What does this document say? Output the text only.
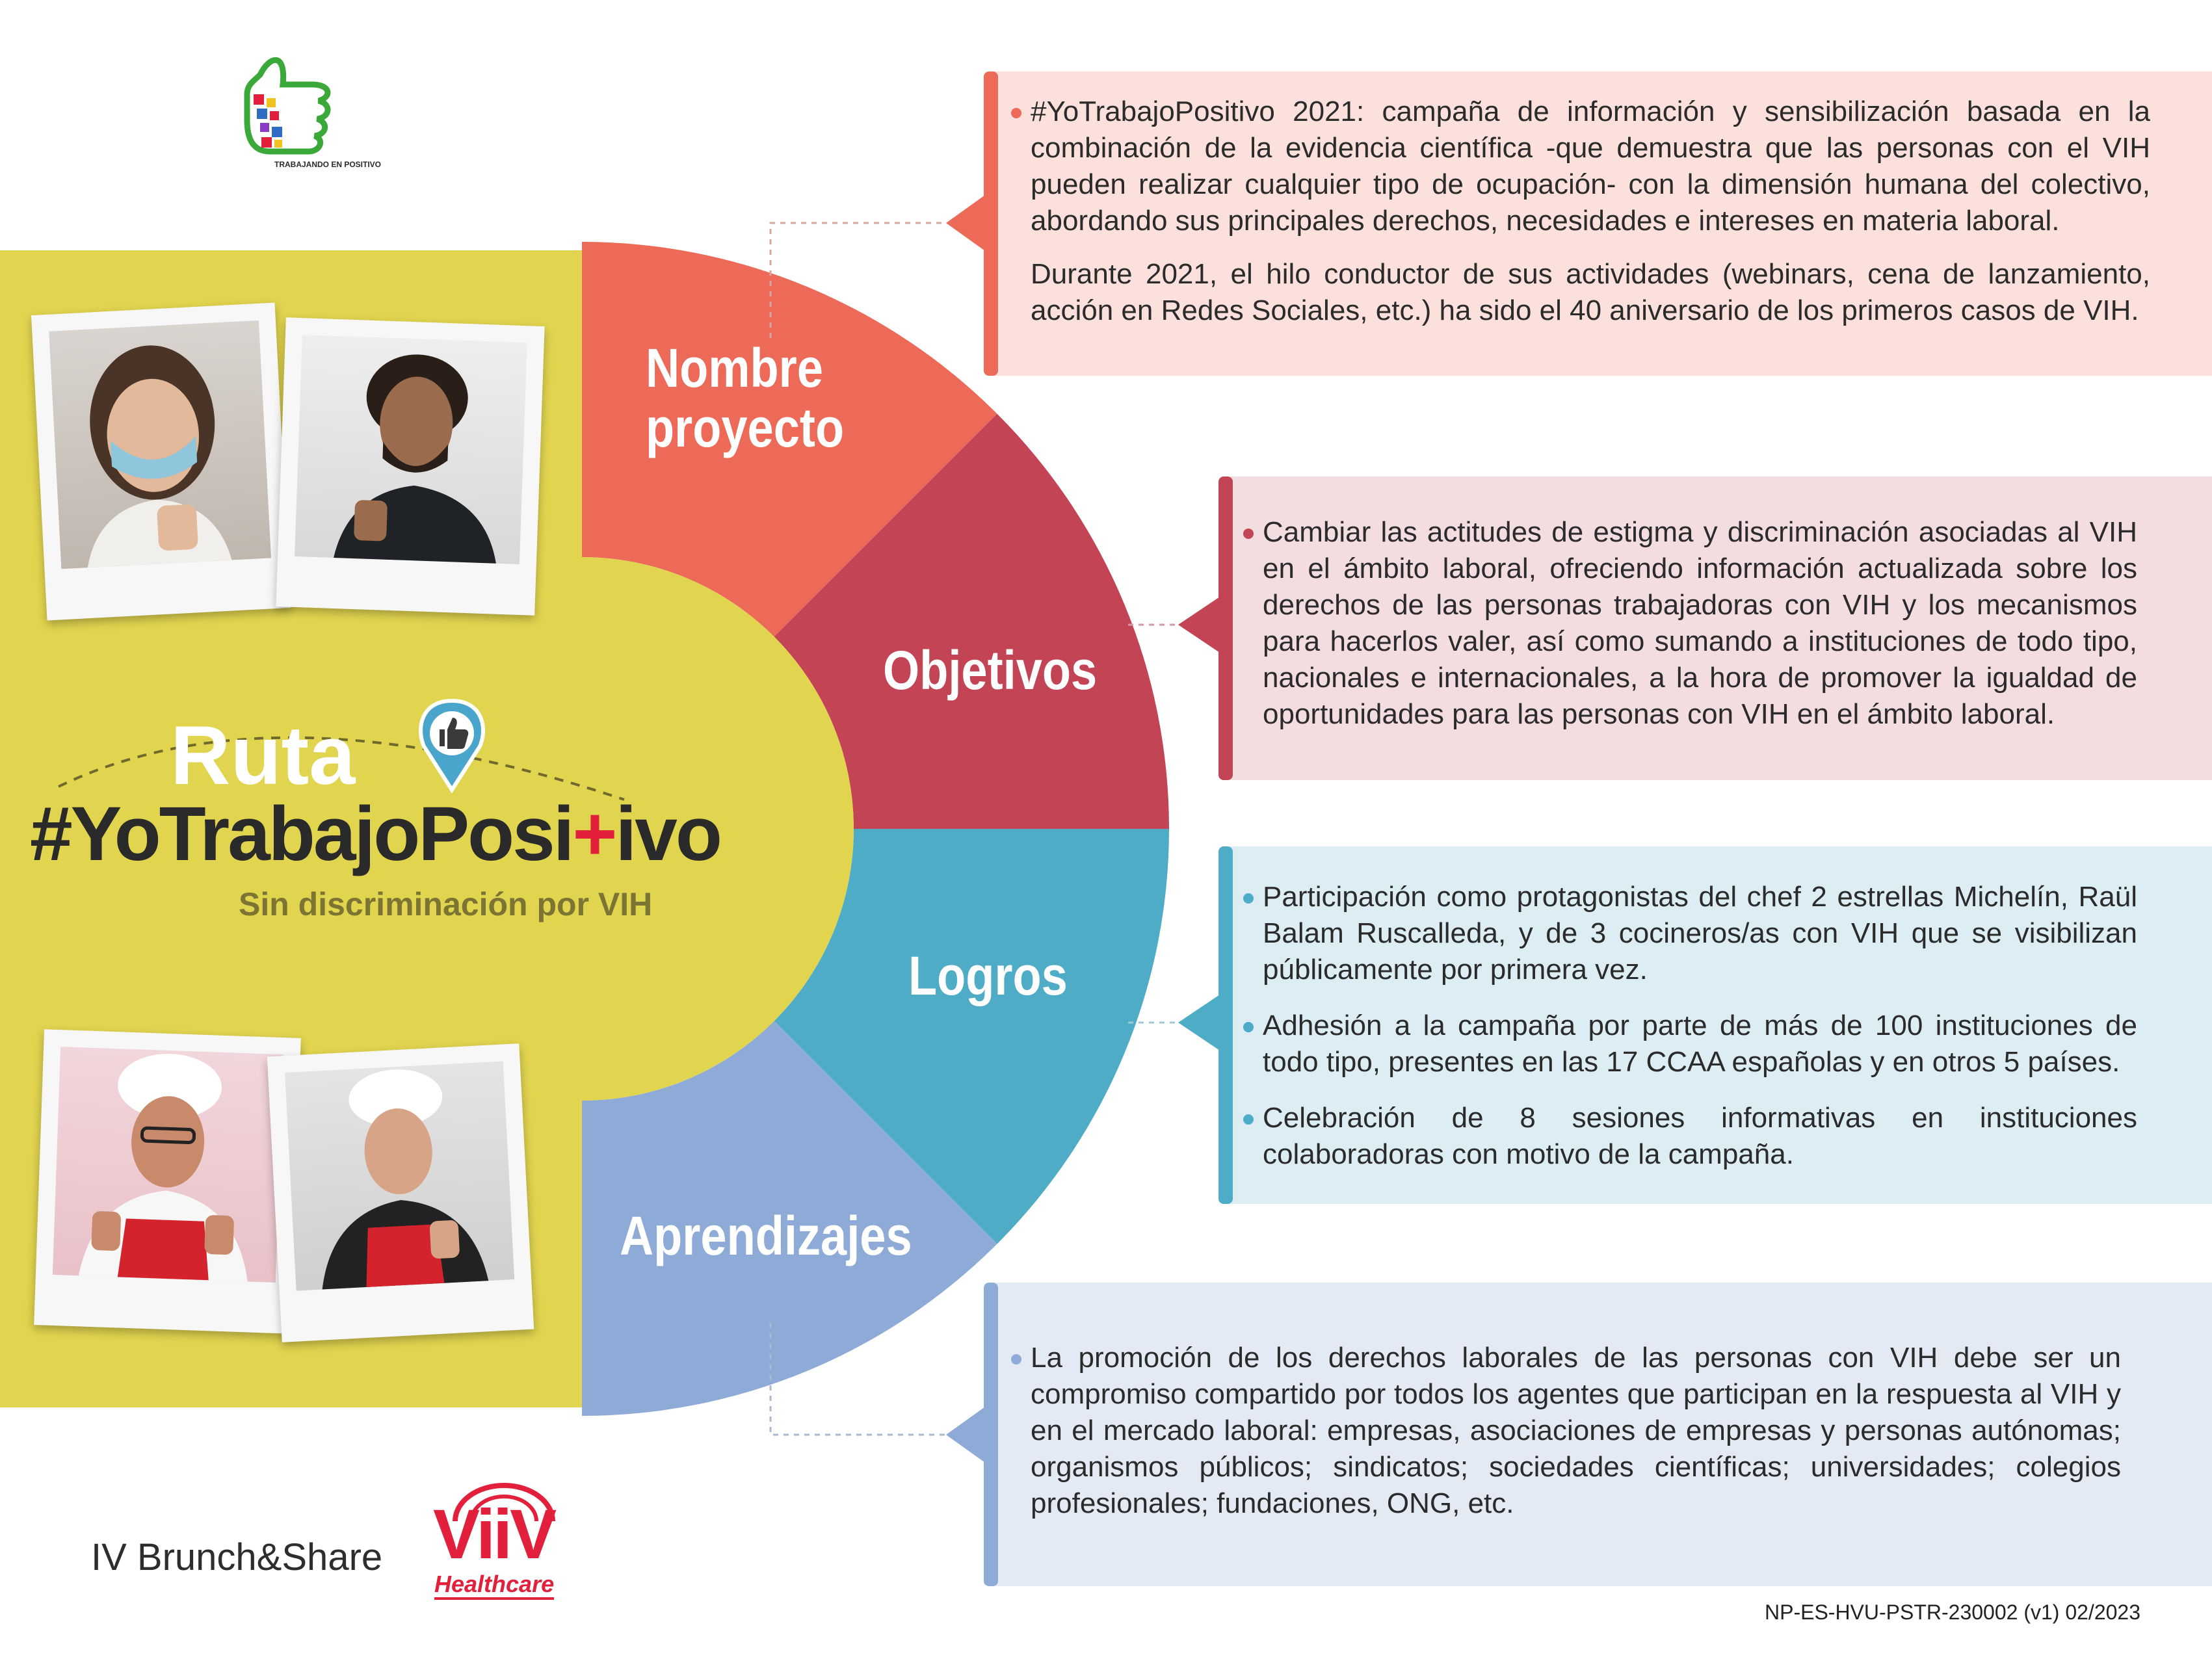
TRABAJANDO EN POSITIVO
Nombre
proyecto
Objetivos
Logros
Aprendizajes
Ruta
#YoTrabajoPosi+ivo
Sin discriminación por VIH

#YoTrabajoPositivo 2021: campaña de información y sensibilización basada en la combinación de la evidencia científica -que demuestra que las personas con el VIH pueden realizar cualquier tipo de ocupación- con la dimensión humana del colectivo, abordando sus principales derechos, necesidades e intereses en materia laboral.

Durante 2021, el hilo conductor de sus actividades (webinars, cena de lanzamiento, acción en Redes Sociales, etc.) ha sido el 40 aniversario de los primeros casos de VIH.

Cambiar las actitudes de estigma y discriminación asociadas al VIH en el ámbito laboral, ofreciendo información actualizada sobre los derechos de las personas trabajadoras con VIH y los mecanismos para hacerlos valer, así como sumando a instituciones de todo tipo, nacionales e internacionales, a la hora de promover la igualdad de oportunidades para las personas con VIH en el ámbito laboral.

Participación como protagonistas del chef 2 estrellas Michelín, Raül Balam Ruscalleda, y de 3 cocineros/as con VIH que se visibilizan públicamente por primera vez.

Adhesión a la campaña por parte de más de 100 instituciones de todo tipo, presentes en las 17 CCAA españolas y en otros 5 países.

Celebración de 8 sesiones informativas en instituciones colaboradoras con motivo de la campaña.

La promoción de los derechos laborales de las personas con VIH debe ser un compromiso compartido por todos los agentes que participan en la respuesta al VIH y en el mercado laboral: empresas, asociaciones de empresas y personas autónomas; organismos públicos; sindicatos; sociedades científicas; universidades; colegios profesionales; fundaciones, ONG, etc.

IV Brunch&Share ViiV
Healthcare
NP-ES-HVU-PSTR-230002 (v1) 02/2023
